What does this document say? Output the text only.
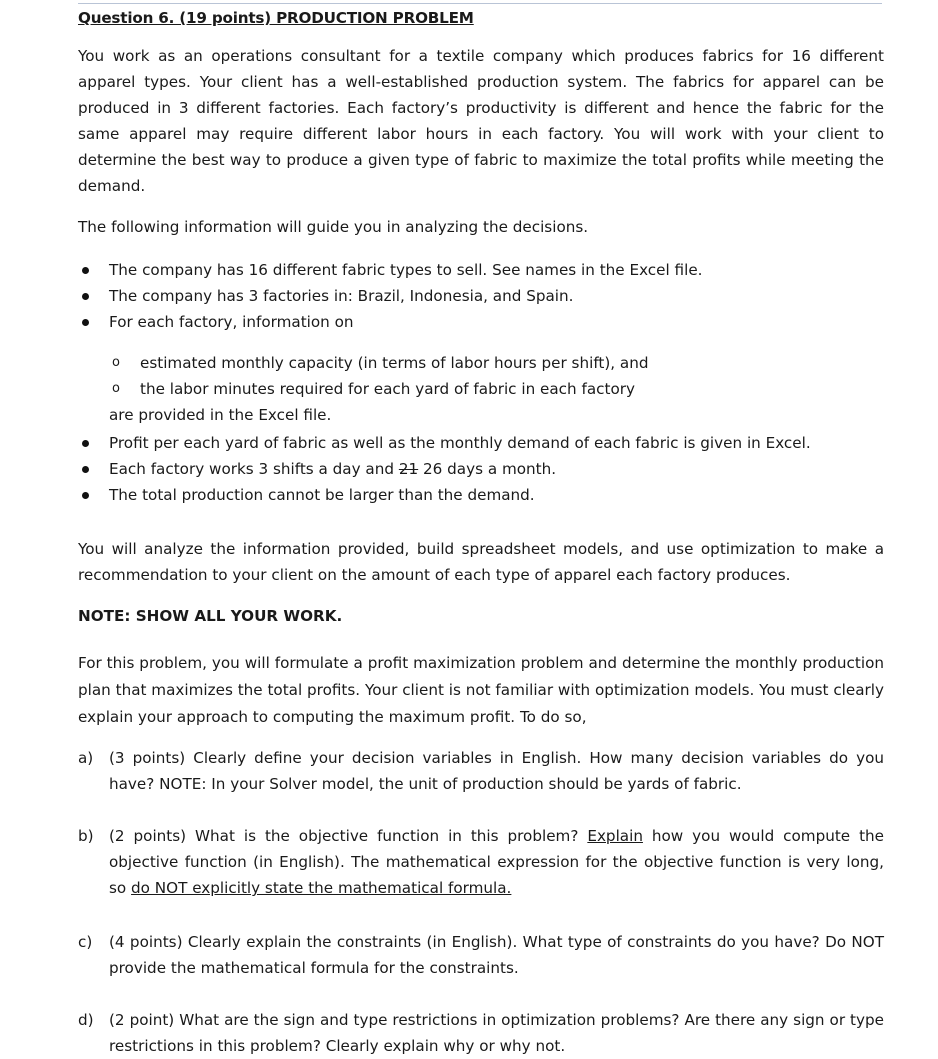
Question 6. (19 points) PRODUCTION PROBLEM

You work as an operations consultant for a textile company which produces fabrics for 16 different apparel types. Your client has a well-established production system. The fabrics for apparel can be produced in 3 different factories. Each factory’s productivity is different and hence the fabric for the same apparel may require different labor hours in each factory. You will work with your client to determine the best way to produce a given type of fabric to maximize the total profits while meeting the demand.

The following information will guide you in analyzing the decisions.

The company has 16 different fabric types to sell. See names in the Excel file.
The company has 3 factories in: Brazil, Indonesia, and Spain.
For each factory, information on
o estimated monthly capacity (in terms of labor hours per shift), and
o the labor minutes required for each yard of fabric in each factory

are provided in the Excel file.

Profit per each yard of fabric as well as the monthly demand of each fabric is given in Excel.
Each factory works 3 shifts a day and 21 26 days a month.
The total production cannot be larger than the demand.

You will analyze the information provided, build spreadsheet models, and use optimization to make a recommendation to your client on the amount of each type of apparel each factory produces.

NOTE: SHOW ALL YOUR WORK.

For this problem, you will formulate a profit maximization problem and determine the monthly production plan that maximizes the total profits. Your client is not familiar with optimization models. You must clearly explain your approach to computing the maximum profit. To do so,

a) (3 points) Clearly define your decision variables in English. How many decision variables do you have? NOTE: In your Solver model, the unit of production should be yards of fabric.
b) (2 points) What is the objective function in this problem? Explain how you would compute the objective function (in English). The mathematical expression for the objective function is very long, so do NOT explicitly state the mathematical formula.
c) (4 points) Clearly explain the constraints (in English). What type of constraints do you have? Do NOT provide the mathematical formula for the constraints.
d) (2 point) What are the sign and type restrictions in optimization problems? Are there any sign or type restrictions in this problem? Clearly explain why or why not.
